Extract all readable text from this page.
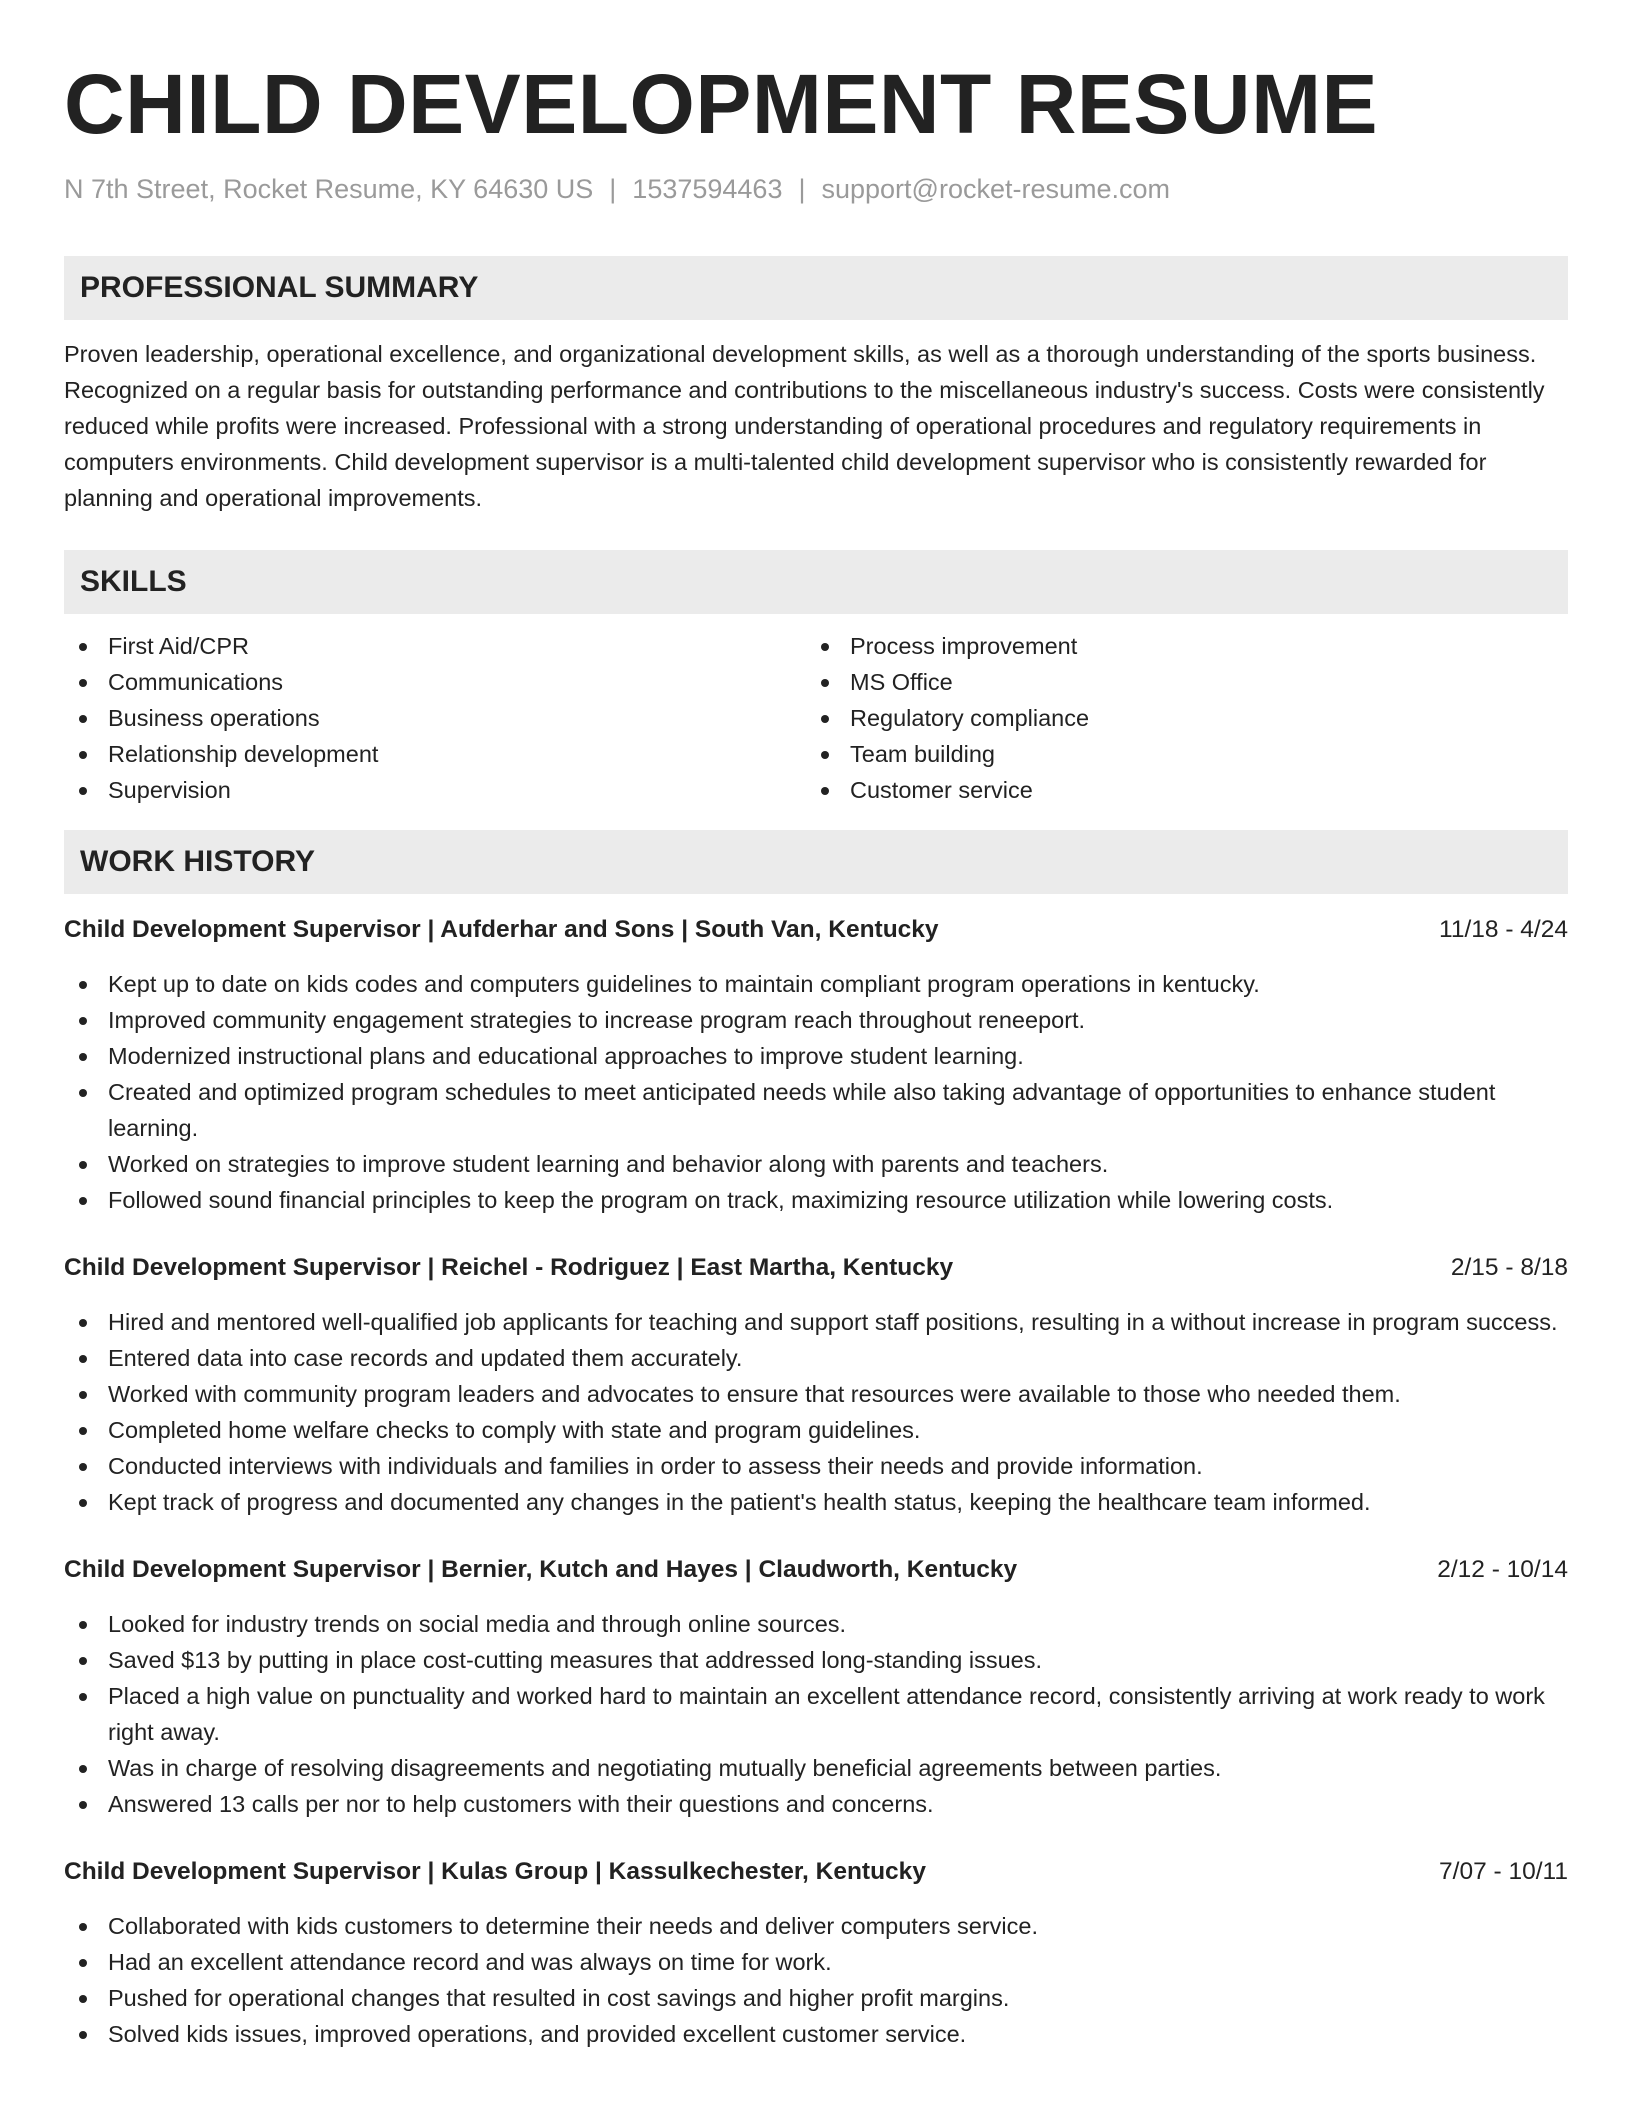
CHILD DEVELOPMENT RESUME
N 7th Street, Rocket Resume, KY 64630 US | 1537594463 | support@rocket-resume.com
PROFESSIONAL SUMMARY
Proven leadership, operational excellence, and organizational development skills, as well as a thorough understanding of the sports business. Recognized on a regular basis for outstanding performance and contributions to the miscellaneous industry's success. Costs were consistently reduced while profits were increased. Professional with a strong understanding of operational procedures and regulatory requirements in computers environments. Child development supervisor is a multi-talented child development supervisor who is consistently rewarded for planning and operational improvements.
SKILLS
First Aid/CPR
Communications
Business operations
Relationship development
Supervision
Process improvement
MS Office
Regulatory compliance
Team building
Customer service
WORK HISTORY
Child Development Supervisor | Aufderhar and Sons | South Van, Kentucky	11/18 - 4/24
Kept up to date on kids codes and computers guidelines to maintain compliant program operations in kentucky.
Improved community engagement strategies to increase program reach throughout reneeport.
Modernized instructional plans and educational approaches to improve student learning.
Created and optimized program schedules to meet anticipated needs while also taking advantage of opportunities to enhance student learning.
Worked on strategies to improve student learning and behavior along with parents and teachers.
Followed sound financial principles to keep the program on track, maximizing resource utilization while lowering costs.
Child Development Supervisor | Reichel - Rodriguez | East Martha, Kentucky	2/15 - 8/18
Hired and mentored well-qualified job applicants for teaching and support staff positions, resulting in a without increase in program success.
Entered data into case records and updated them accurately.
Worked with community program leaders and advocates to ensure that resources were available to those who needed them.
Completed home welfare checks to comply with state and program guidelines.
Conducted interviews with individuals and families in order to assess their needs and provide information.
Kept track of progress and documented any changes in the patient's health status, keeping the healthcare team informed.
Child Development Supervisor | Bernier, Kutch and Hayes | Claudworth, Kentucky	2/12 - 10/14
Looked for industry trends on social media and through online sources.
Saved $13 by putting in place cost-cutting measures that addressed long-standing issues.
Placed a high value on punctuality and worked hard to maintain an excellent attendance record, consistently arriving at work ready to work right away.
Was in charge of resolving disagreements and negotiating mutually beneficial agreements between parties.
Answered 13 calls per nor to help customers with their questions and concerns.
Child Development Supervisor | Kulas Group | Kassulkechester, Kentucky	7/07 - 10/11
Collaborated with kids customers to determine their needs and deliver computers service.
Had an excellent attendance record and was always on time for work.
Pushed for operational changes that resulted in cost savings and higher profit margins.
Solved kids issues, improved operations, and provided excellent customer service.
